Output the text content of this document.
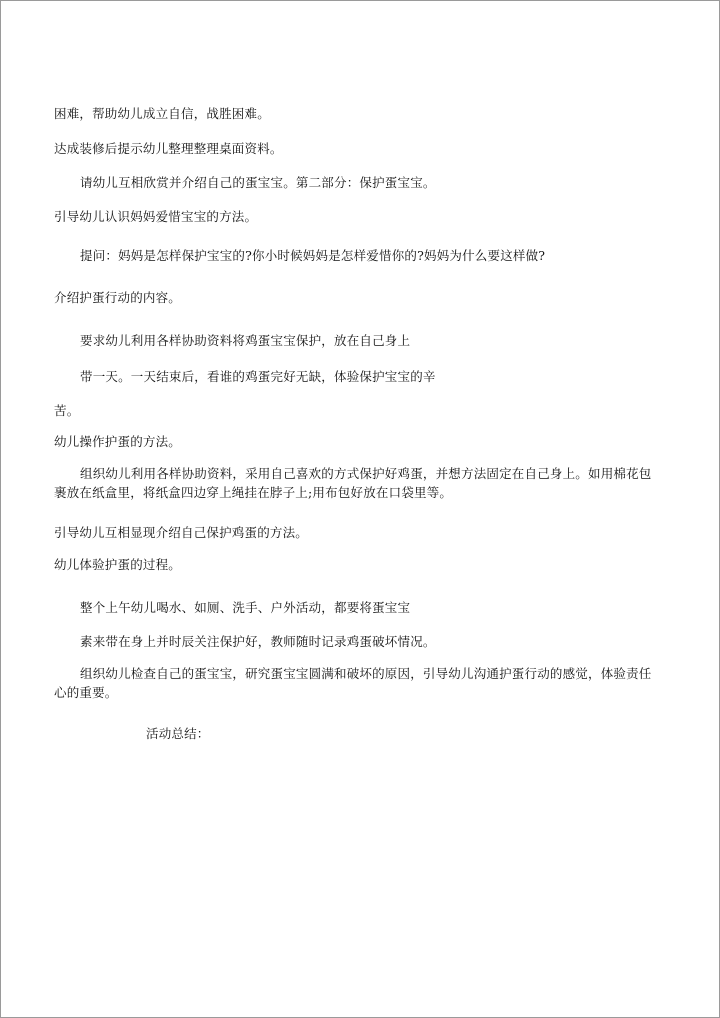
困难，帮助幼儿成立自信，战胜困难。
达成装修后提示幼儿整理整理桌面资料。
请幼儿互相欣赏并介绍自己的蛋宝宝。第二部分：保护蛋宝宝。
引导幼儿认识妈妈爱惜宝宝的方法。
提问：妈妈是怎样保护宝宝的?你小时候妈妈是怎样爱惜你的?妈妈为什么要这样做?
介绍护蛋行动的内容。
要求幼儿利用各样协助资料将鸡蛋宝宝保护，放在自己身上
带一天。一天结束后，看谁的鸡蛋完好无缺，体验保护宝宝的辛
苦。
幼儿操作护蛋的方法。
组织幼儿利用各样协助资料，采用自己喜欢的方式保护好鸡蛋，并想方法固定在自己身上。如用棉花包裹放在纸盒里，将纸盒四边穿上绳挂在脖子上;用布包好放在口袋里等。
引导幼儿互相显现介绍自己保护鸡蛋的方法。
幼儿体验护蛋的过程。
整个上午幼儿喝水、如厕、洗手、户外活动，都要将蛋宝宝
素来带在身上并时辰关注保护好，教师随时记录鸡蛋破坏情况。
组织幼儿检查自己的蛋宝宝，研究蛋宝宝圆满和破坏的原因，引导幼儿沟通护蛋行动的感觉，体验责任心的重要。
活动总结：
